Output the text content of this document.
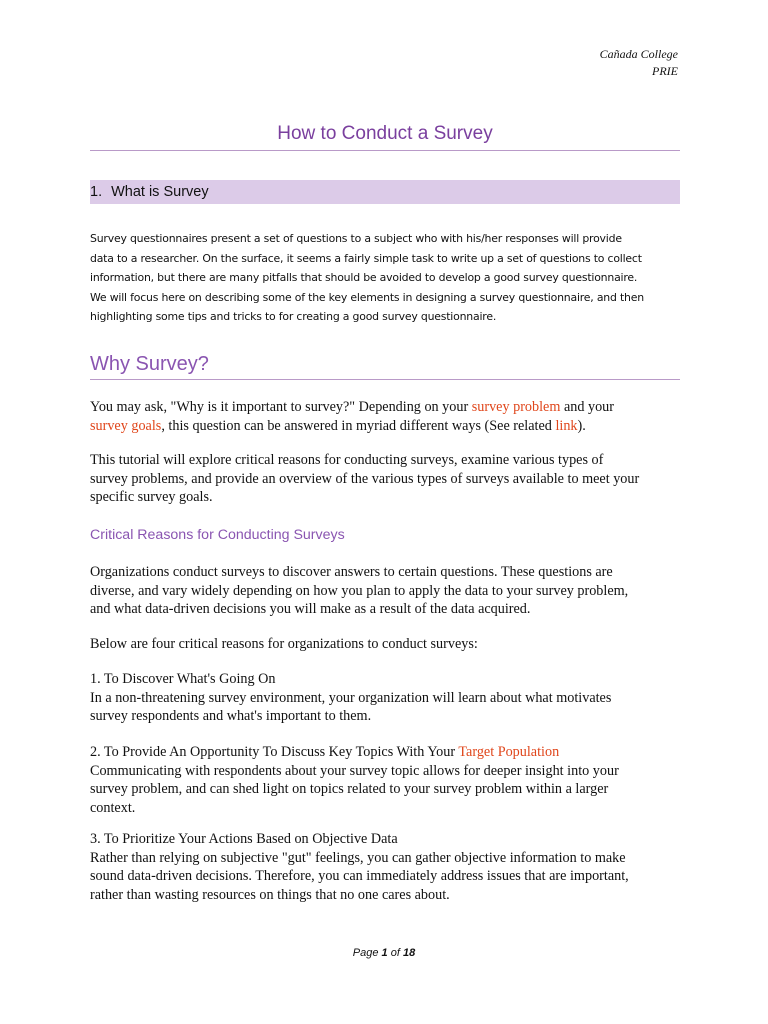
Cañada College
PRIE
How to Conduct a Survey
1. What is Survey
Survey questionnaires present a set of questions to a subject who with his/her responses will provide
data to a researcher. On the surface, it seems a fairly simple task to write up a set of questions to collect
information, but there are many pitfalls that should be avoided to develop a good survey questionnaire.
We will focus here on describing some of the key elements in designing a survey questionnaire, and then
highlighting some tips and tricks to for creating a good survey questionnaire.
Why Survey?
You may ask, "Why is it important to survey?" Depending on your survey problem and your
survey goals, this question can be answered in myriad different ways (See related link).
This tutorial will explore critical reasons for conducting surveys, examine various types of
survey problems, and provide an overview of the various types of surveys available to meet your
specific survey goals.
Critical Reasons for Conducting Surveys
Organizations conduct surveys to discover answers to certain questions. These questions are
diverse, and vary widely depending on how you plan to apply the data to your survey problem,
and what data-driven decisions you will make as a result of the data acquired.
Below are four critical reasons for organizations to conduct surveys:
1. To Discover What's Going On
In a non-threatening survey environment, your organization will learn about what motivates
survey respondents and what's important to them.
2. To Provide An Opportunity To Discuss Key Topics With Your Target Population
Communicating with respondents about your survey topic allows for deeper insight into your
survey problem, and can shed light on topics related to your survey problem within a larger
context.
3. To Prioritize Your Actions Based on Objective Data
Rather than relying on subjective "gut" feelings, you can gather objective information to make
sound data-driven decisions. Therefore, you can immediately address issues that are important,
rather than wasting resources on things that no one cares about.
Page 1 of 18
